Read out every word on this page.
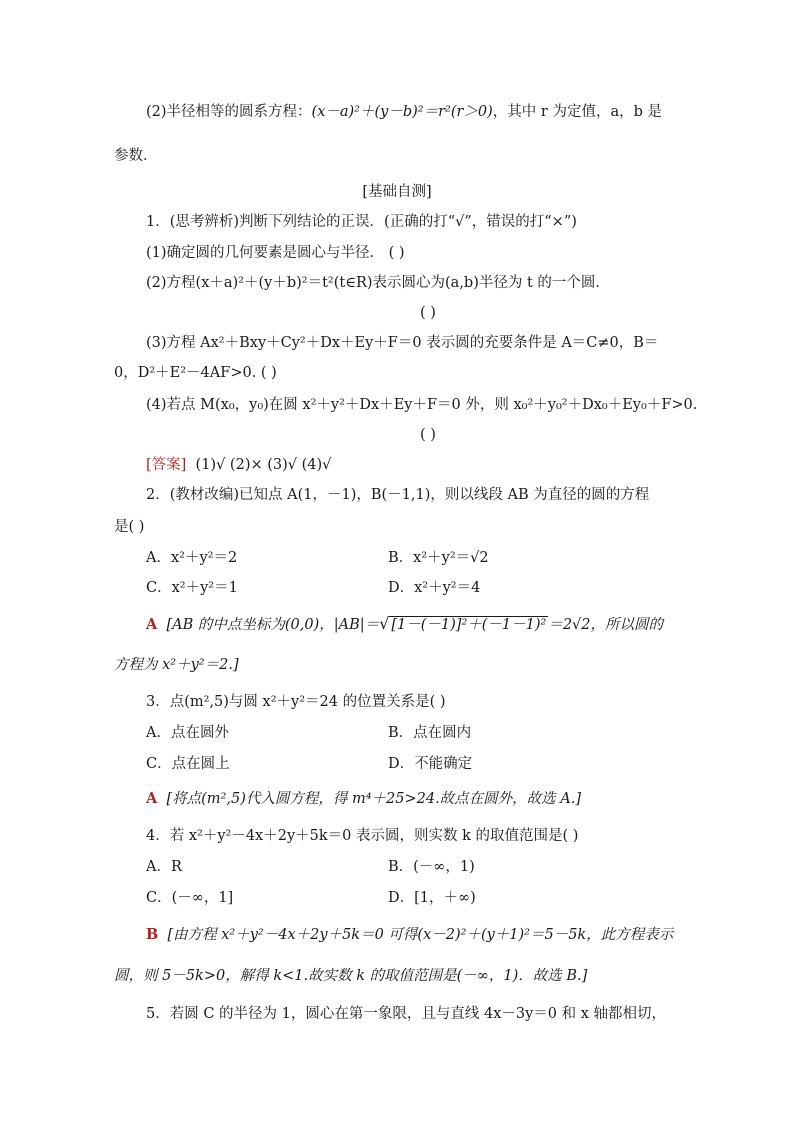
(2)半径相等的圆系方程：(x－a)²＋(y－b)²＝r²(r＞0)，其中 r 为定值，a，b 是
参数．
[基础自测]
1．(思考辨析)判断下列结论的正误．(正确的打“√”，错误的打“×”)
(1)确定圆的几何要素是圆心与半径． ( )
(2)方程(x＋a)²＋(y＋b)²＝t²(t∈R)表示圆心为(a,b)半径为 t 的一个圆．
( )
(3)方程 Ax²＋Bxy＋Cy²＋Dx＋Ey＋F＝0 表示圆的充要条件是 A＝C≠0，B＝
0，D²＋E²－4AF>0. ( )
(4)若点 M(x₀，y₀)在圆 x²＋y²＋Dx＋Ey＋F＝0 外，则 x₀²＋y₀²＋Dx₀＋Ey₀＋F>0.
( )
[答案] (1)√ (2)× (3)√ (4)√
2．(教材改编)已知点 A(1，－1)，B(－1,1)，则以线段 AB 为直径的圆的方程
是( )
A．x²＋y²＝2	B．x²＋y²＝√2
C．x²＋y²＝1	D．x²＋y²＝4
A [AB 的中点坐标为(0,0)，|AB|＝√ [1－(－1)]²＋(－1－1)² ＝2√2，所以圆的
方程为 x²＋y²＝2.]
3．点(m²,5)与圆 x²＋y²＝24 的位置关系是( )
A．点在圆外	B．点在圆内
C．点在圆上	D．不能确定
A [将点(m²,5)代入圆方程，得 m⁴＋25>24.故点在圆外，故选 A.]
4．若 x²＋y²－4x＋2y＋5k＝0 表示圆，则实数 k 的取值范围是( )
A．R	B．(－∞，1)
C．(－∞，1]	D．[1，＋∞)
B [由方程 x²＋y²－4x＋2y＋5k＝0 可得(x－2)²＋(y＋1)²＝5－5k，此方程表示
圆，则 5－5k>0，解得 k<1.故实数 k 的取值范围是(－∞，1)．故选 B.]
5．若圆 C 的半径为 1，圆心在第一象限，且与直线 4x－3y＝0 和 x 轴都相切，
